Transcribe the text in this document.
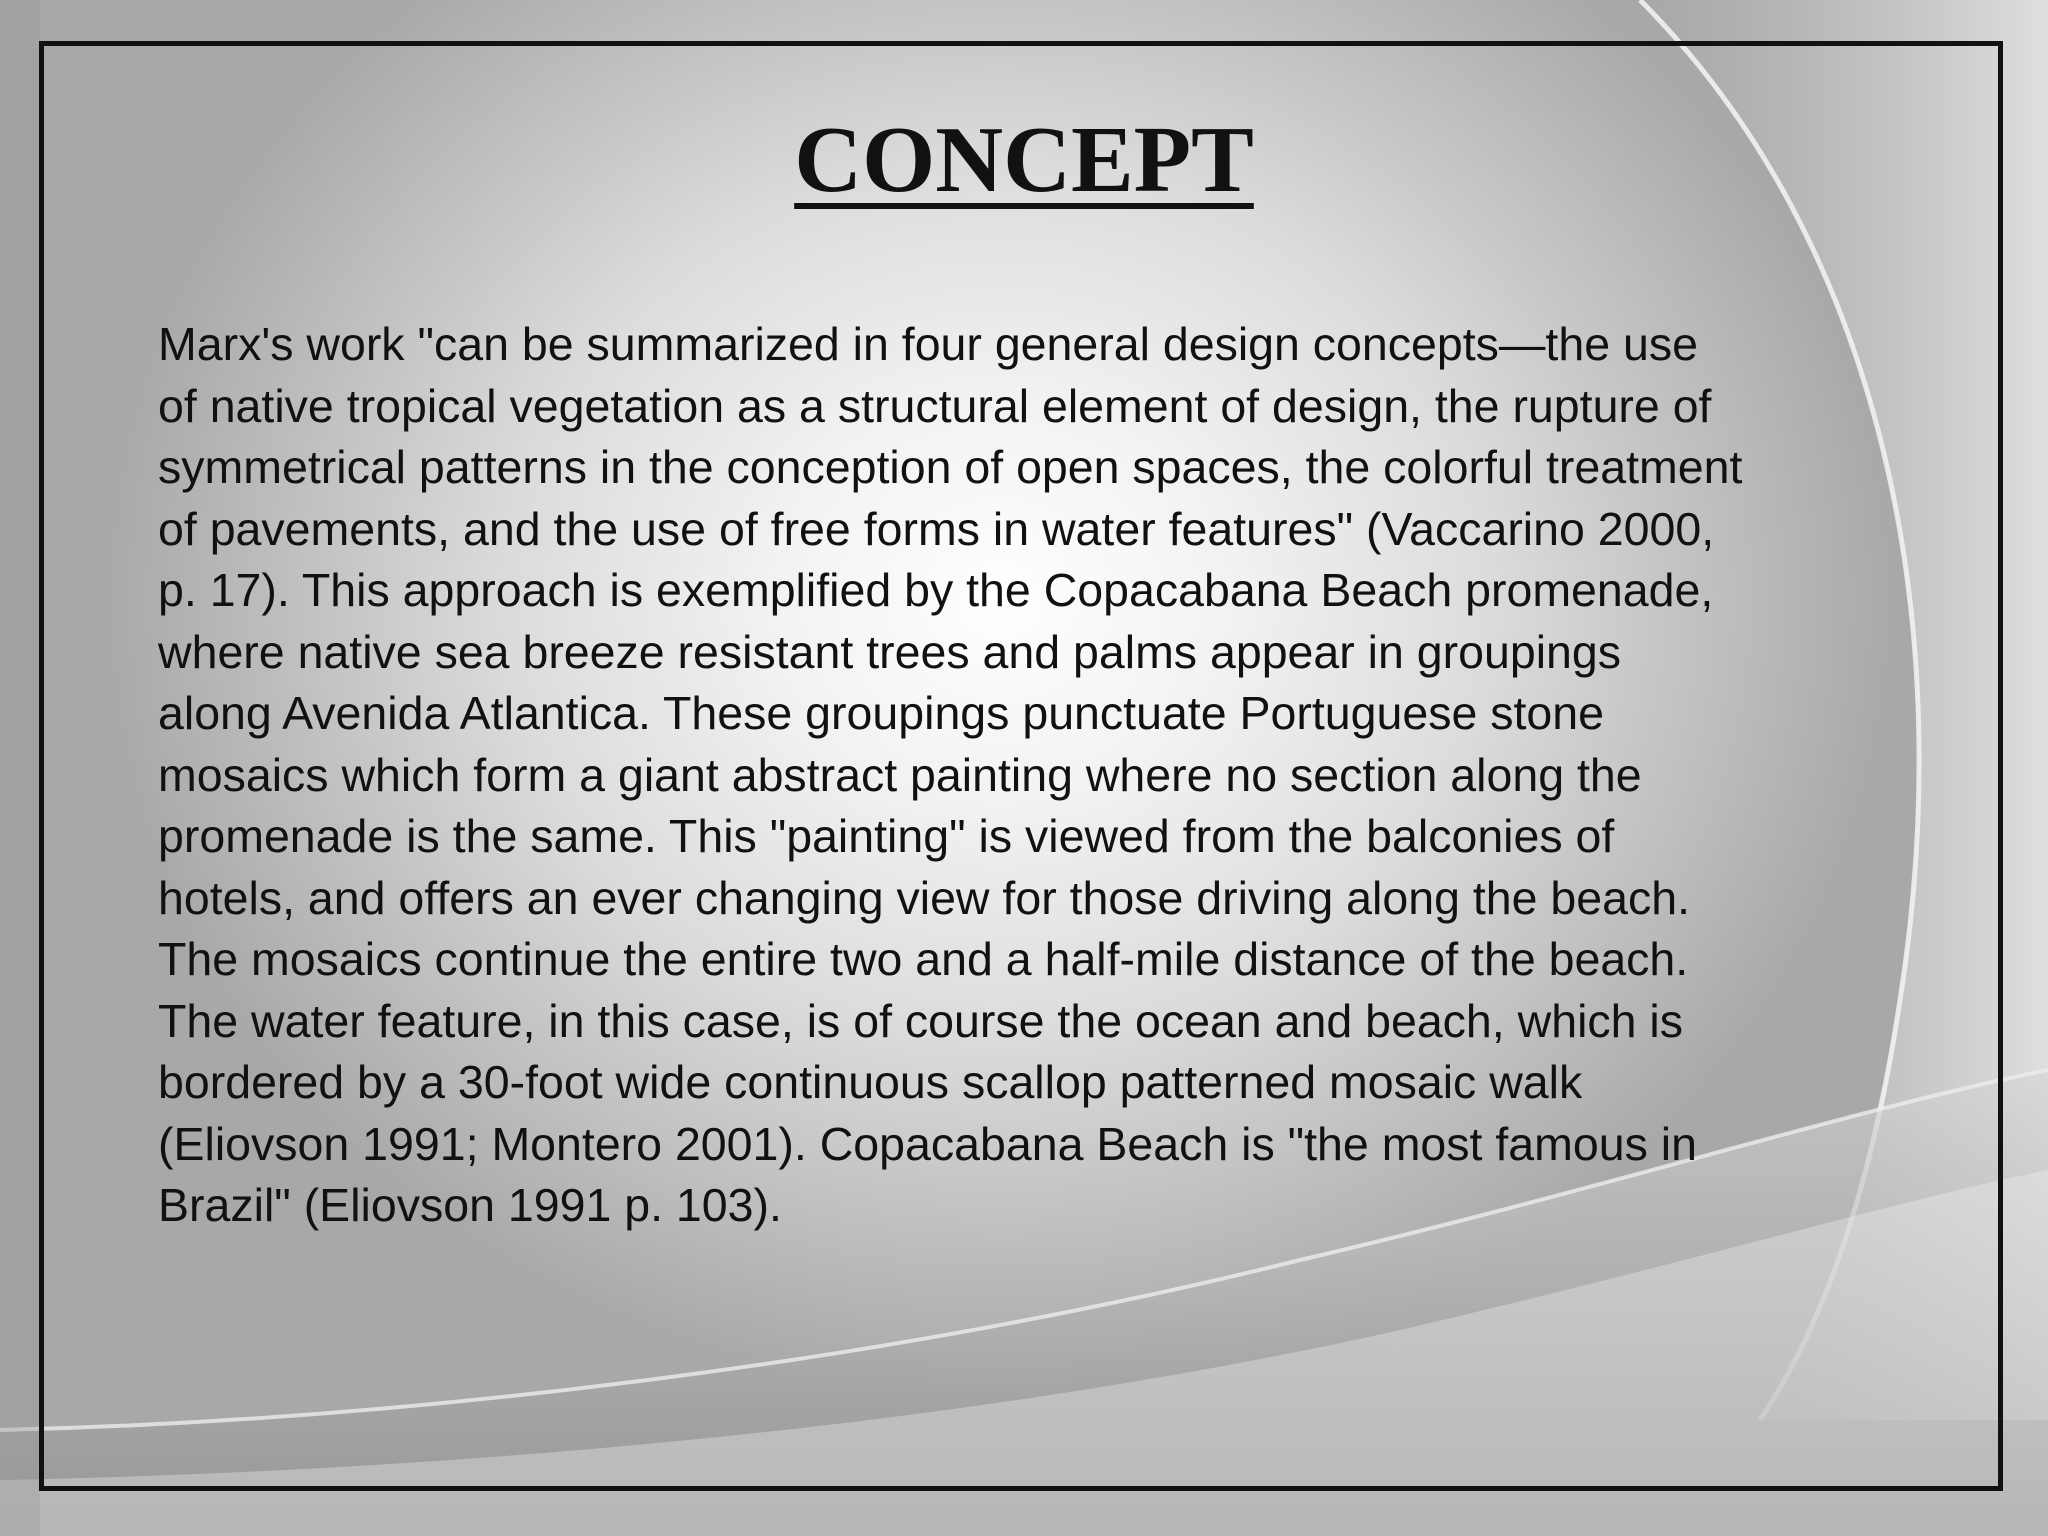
CONCEPT

Marx's work "can be summarized in four general design concepts—the use
of native tropical vegetation as a structural element of design, the rupture of
symmetrical patterns in the conception of open spaces, the colorful treatment
of pavements, and the use of free forms in water features" (Vaccarino 2000,
p. 17). This approach is exemplified by the Copacabana Beach promenade,
where native sea breeze resistant trees and palms appear in groupings
along Avenida Atlantica. These groupings punctuate Portuguese stone
mosaics which form a giant abstract painting where no section along the
promenade is the same. This "painting" is viewed from the balconies of
hotels, and offers an ever changing view for those driving along the beach.
The mosaics continue the entire two and a half-mile distance of the beach.
The water feature, in this case, is of course the ocean and beach, which is
bordered by a 30-foot wide continuous scallop patterned mosaic walk
(Eliovson 1991; Montero 2001). Copacabana Beach is "the most famous in
Brazil" (Eliovson 1991 p. 103).
